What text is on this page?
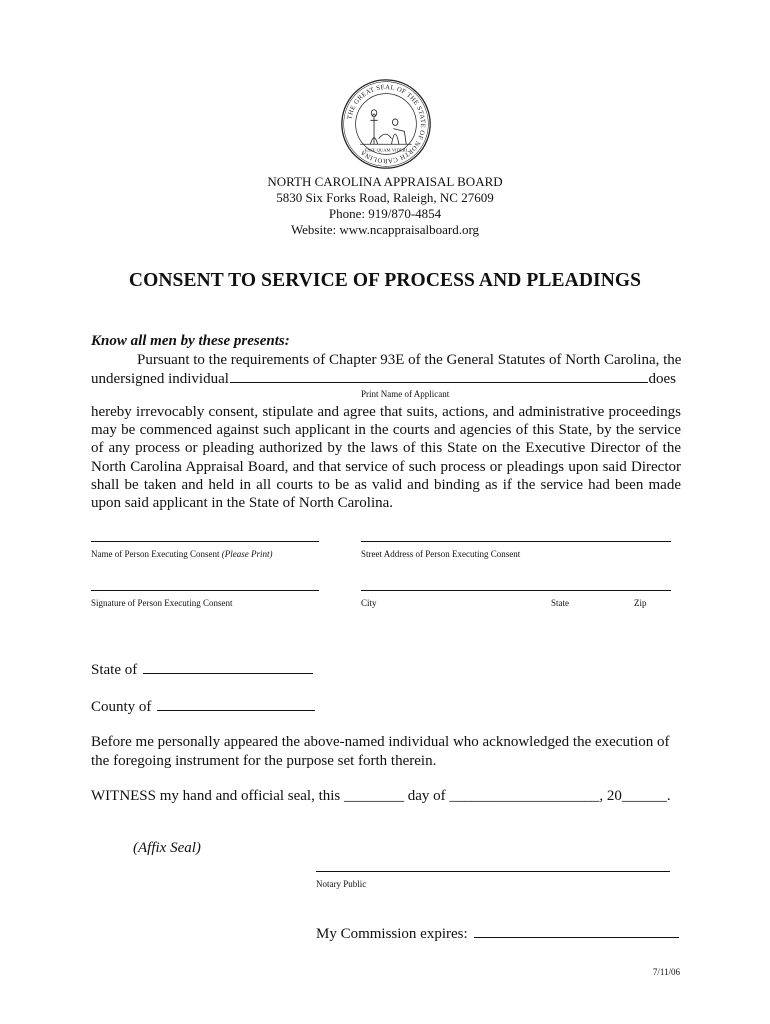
THE GREAT SEAL OF THE STATE OF NORTH CAROLINA
ESSE QUAM VIDERI
NORTH CAROLINA APPRAISAL BOARD
5830 Six Forks Road, Raleigh, NC 27609
Phone: 919/870-4854
Website: www.ncappraisalboard.org
CONSENT TO SERVICE OF PROCESS AND PLEADINGS
Know all men by these presents:
Pursuant to the requirements of Chapter 93E of the General Statutes of North Carolina, the
undersigned individual	does
Print Name of Applicant
hereby irrevocably consent, stipulate and agree that suits, actions, and administrative proceedings may be commenced against such applicant in the courts and agencies of this State, by the service of any process or pleading authorized by the laws of this State on the Executive Director of the North Carolina Appraisal Board, and that service of such process or pleadings upon said Director shall be taken and held in all courts to be as valid and binding as if the service had been made upon said applicant in the State of North Carolina.
Name of Person Executing Consent (Please Print)	Street Address of Person Executing Consent
Signature of Person Executing Consent	City	State	Zip
State of
County of
Before me personally appeared the above-named individual who acknowledged the execution of the foregoing instrument for the purpose set forth therein.
WITNESS my hand and official seal, this ________ day of ____________________, 20______.
(Affix Seal)
Notary Public
My Commission expires:
7/11/06
